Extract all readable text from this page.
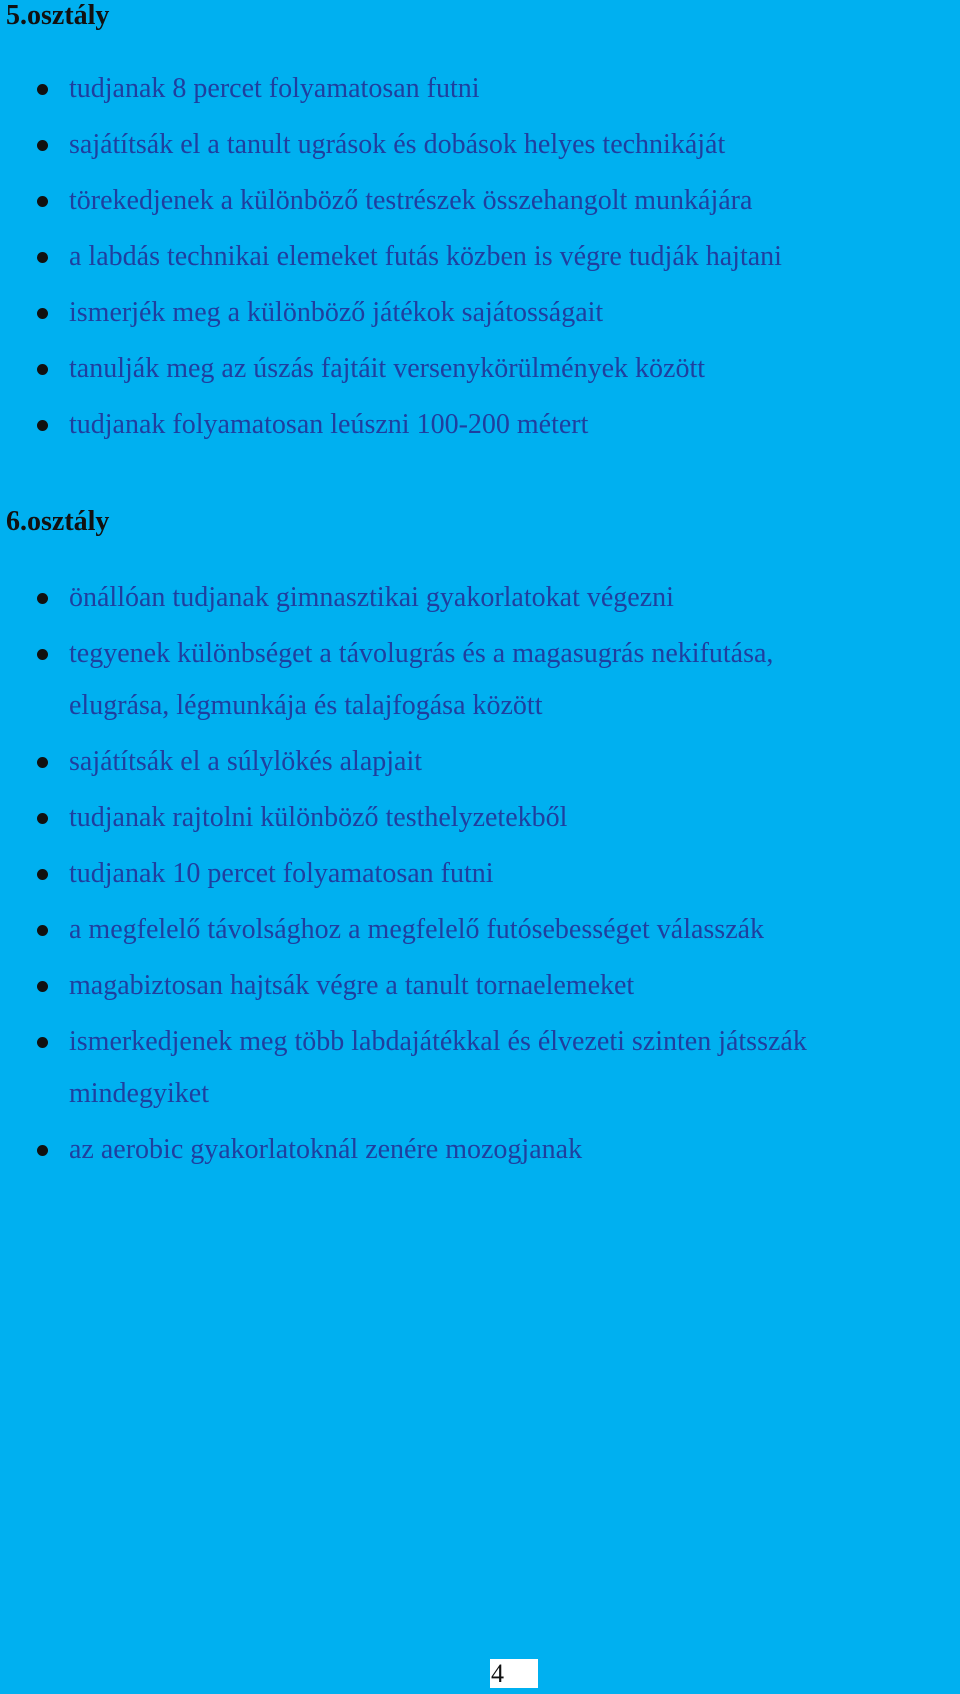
5.osztály
tudjanak 8 percet folyamatosan futni
sajátítsák el a tanult ugrások és dobások helyes technikáját
törekedjenek a különböző testrészek összehangolt munkájára
a labdás technikai elemeket futás közben is végre tudják hajtani
ismerjék meg a különböző játékok sajátosságait
tanulják meg az úszás fajtáit versenykörülmények között
tudjanak folyamatosan leúszni 100-200 métert
6.osztály
önállóan tudjanak gimnasztikai gyakorlatokat végezni
tegyenek különbséget a távolugrás és a magasugrás nekifutása,
elugrása, légmunkája és talajfogása között
sajátítsák el a súlylökés alapjait
tudjanak rajtolni különböző testhelyzetekből
tudjanak 10 percet folyamatosan futni
a megfelelő távolsághoz a megfelelő futósebességet válasszák
magabiztosan hajtsák végre a tanult tornaelemeket
ismerkedjenek meg több labdajátékkal és élvezeti szinten játsszák
mindegyiket
az aerobic gyakorlatoknál zenére mozogjanak
4
